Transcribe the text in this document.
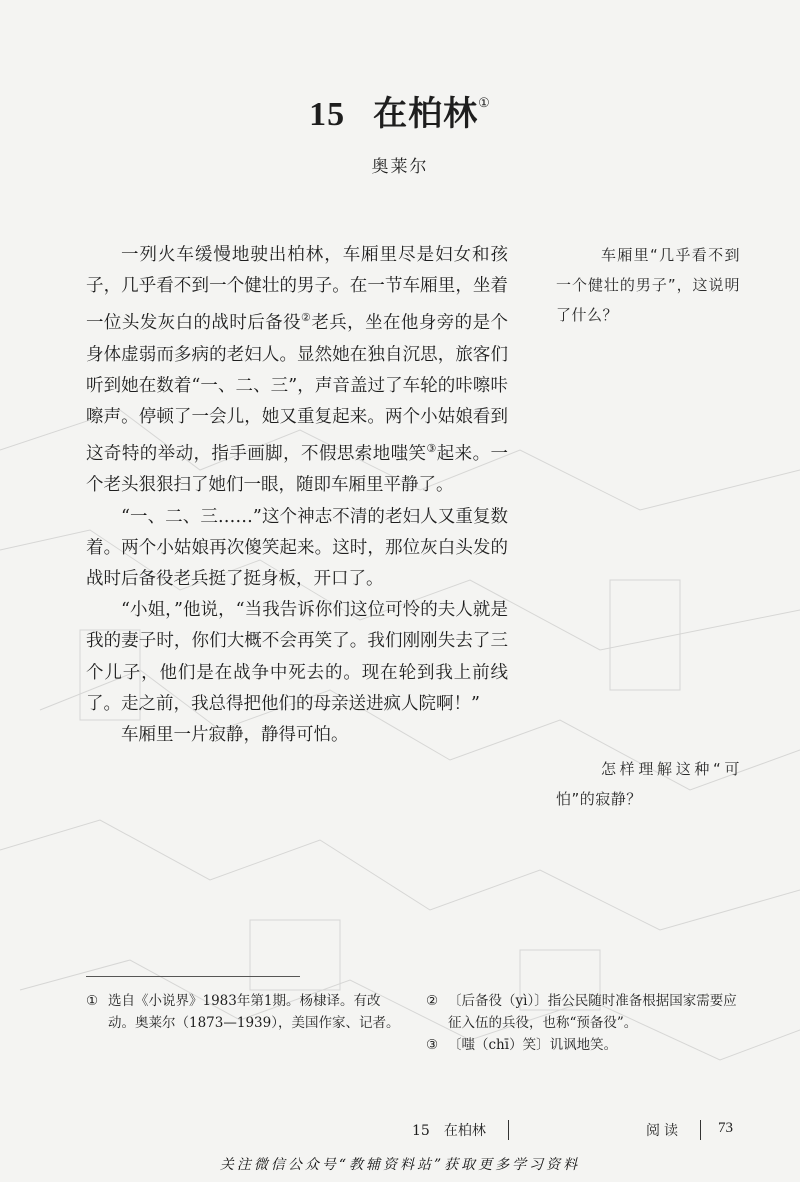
15 在柏林①
奥莱尔

一列火车缓慢地驶出柏林，车厢里尽是妇女和孩子，几乎看不到一个健壮的男子。在一节车厢里，坐着一位头发灰白的战时后备役②老兵，坐在他身旁的是个身体虚弱而多病的老妇人。显然她在独自沉思，旅客们听到她在数着“一、二、三”，声音盖过了车轮的咔嚓咔嚓声。停顿了一会儿，她又重复起来。两个小姑娘看到这奇特的举动，指手画脚，不假思索地嗤笑③起来。一个老头狠狠扫了她们一眼，随即车厢里平静了。

“一、二、三……”这个神志不清的老妇人又重复数着。两个小姑娘再次傻笑起来。这时，那位灰白头发的战时后备役老兵挺了挺身板，开口了。

“小姐，”他说，“当我告诉你们这位可怜的夫人就是我的妻子时，你们大概不会再笑了。我们刚刚失去了三个儿子，他们是在战争中死去的。现在轮到我上前线了。走之前，我总得把他们的母亲送进疯人院啊！”

车厢里一片寂静，静得可怕。

车厢里“几乎看不到一个健壮的男子”，这说明了什么？

怎样理解这种“可怕”的寂静？

① 选自《小说界》1983年第1期。杨棣译。有改动。奥莱尔（1873—1939），美国作家、记者。

② 〔后备役（yì）〕指公民随时准备根据国家需要应征入伍的兵役，也称“预备役”。

③ 〔嗤（chī）笑〕讥讽地笑。

15　在柏林	阅读 73
关注微信公众号“教辅资料站”获取更多学习资料
